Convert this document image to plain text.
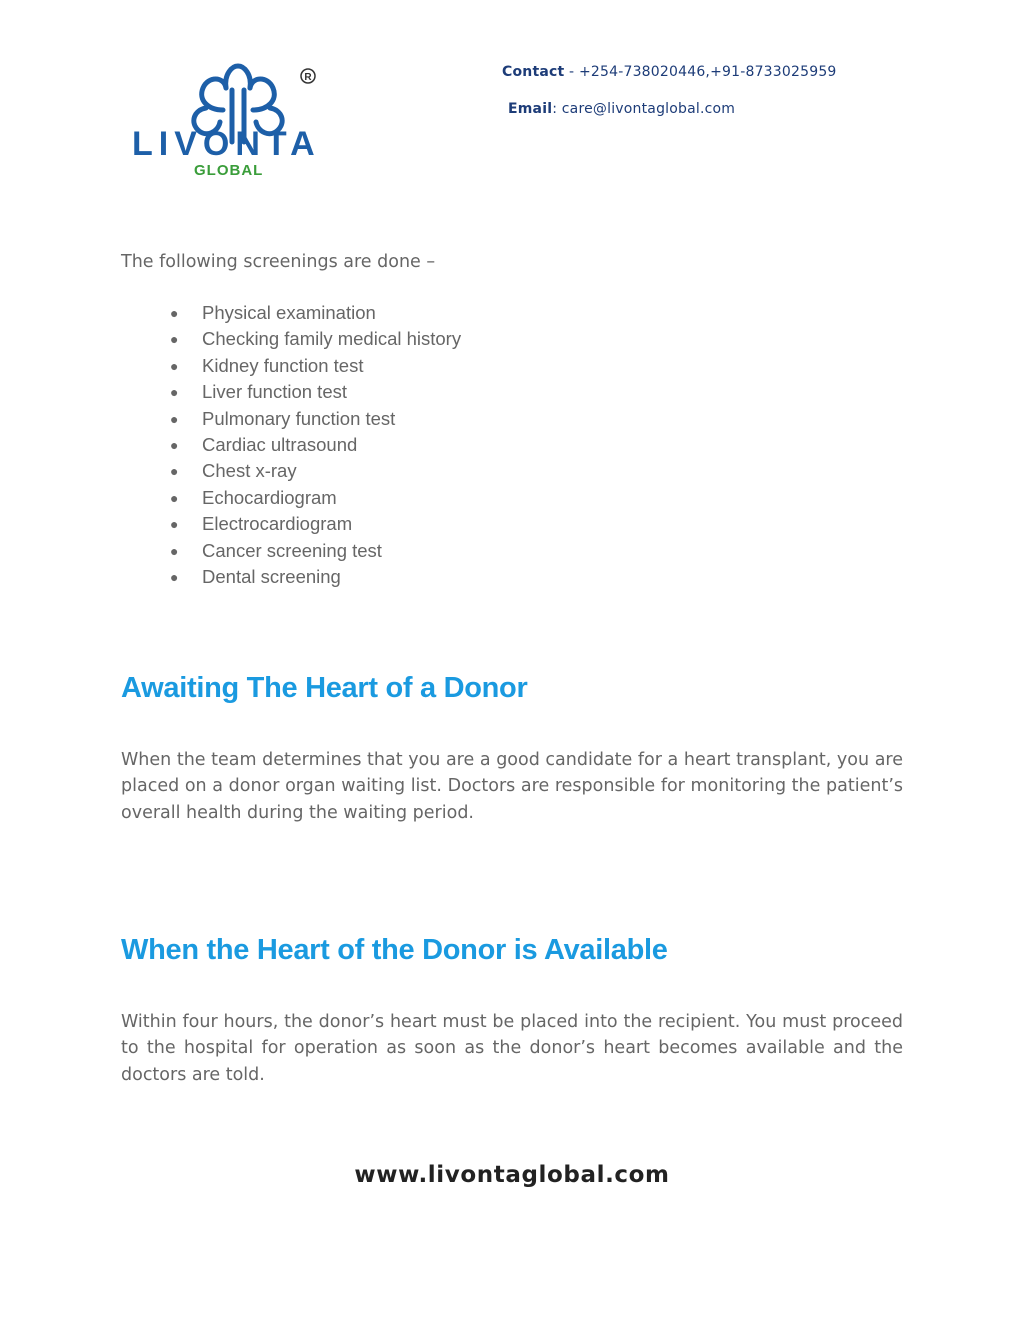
R
LIVONTA
GLOBAL
Contact - +254-738020446,+91-8733025959
Email: care@livontaglobal.com
The following screenings are done –
● Physical examination
● Checking family medical history
● Kidney function test
● Liver function test
● Pulmonary function test
● Cardiac ultrasound
● Chest x-ray
● Echocardiogram
● Electrocardiogram
● Cancer screening test
● Dental screening
Awaiting The Heart of a Donor

When the team determines that you are a good candidate for a heart transplant, you are placed on a donor organ waiting list. Doctors are responsible for monitoring the patient’s overall health during the waiting period.

When the Heart of the Donor is Available

Within four hours, the donor’s heart must be placed into the recipient. You must proceed to the hospital for operation as soon as the donor’s heart becomes available and the doctors are told.

www.livontaglobal.com
